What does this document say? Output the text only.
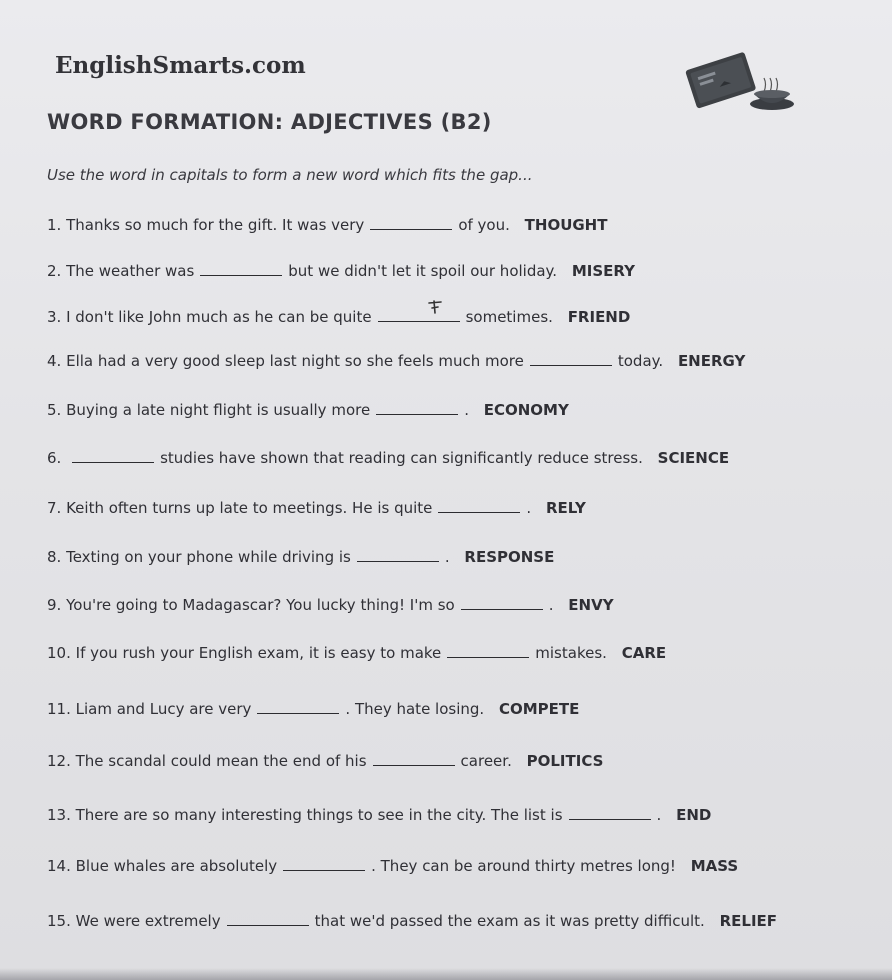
EnglishSmarts.com
WORD FORMATION: ADJECTIVES (B2)
Use the word in capitals to form a new word which fits the gap...
1. Thanks so much for the gift. It was very	of you. THOUGHT
2. The weather was	but we didn't let it spoil our holiday. MISERY
3. I don't like John much as he can be quite	sometimes. FRIEND
4. Ella had a very good sleep last night so she feels much more	today. ENERGY
5. Buying a late night flight is usually more	. ECONOMY
6.	studies have shown that reading can significantly reduce stress. SCIENCE
7. Keith often turns up late to meetings. He is quite	. RELY
8. Texting on your phone while driving is	. RESPONSE
9. You're going to Madagascar? You lucky thing! I'm so	. ENVY
10. If you rush your English exam, it is easy to make	mistakes. CARE
11. Liam and Lucy are very	. They hate losing. COMPETE
12. The scandal could mean the end of his	career. POLITICS
13. There are so many interesting things to see in the city. The list is	. END
14. Blue whales are absolutely	. They can be around thirty metres long! MASS
15. We were extremely	that we'd passed the exam as it was pretty difficult. RELIEF
